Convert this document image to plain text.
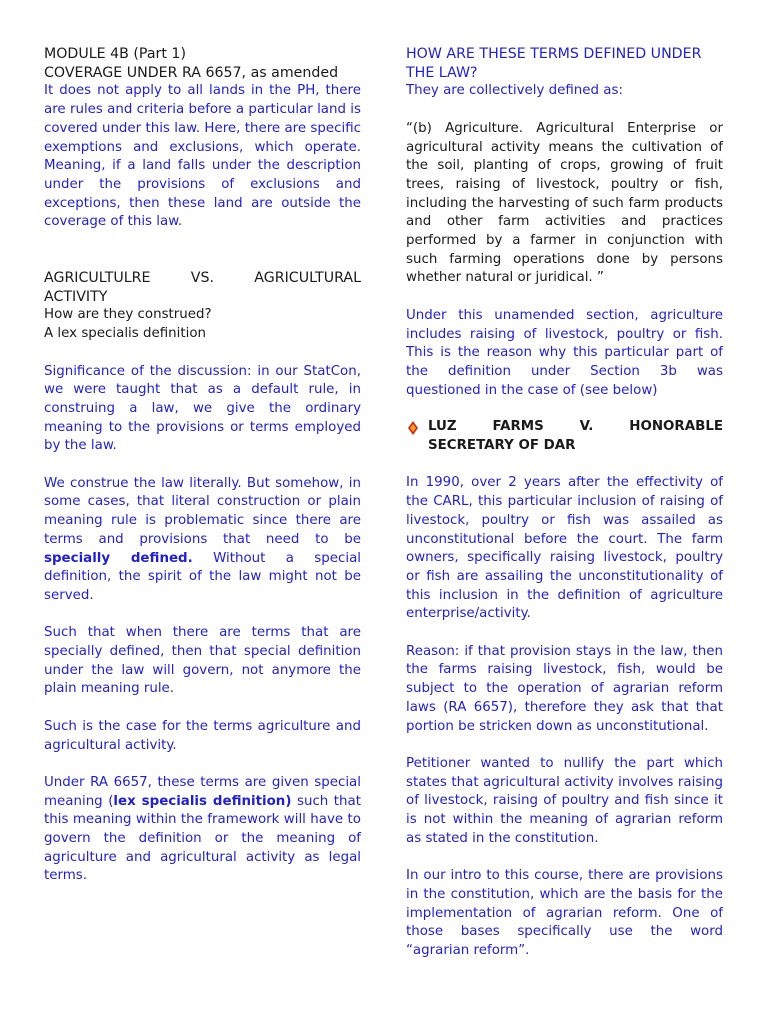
MODULE 4B (Part 1)

COVERAGE UNDER RA 6657, as amended

It does not apply to all lands in the PH, there are rules and criteria before a particular land is covered under this law. Here, there are specific exemptions and exclusions, which operate. Meaning, if a land falls under the description under the provisions of exclusions and exceptions, then these land are outside the coverage of this law.

AGRICULTULRE VS. AGRICULTURAL
ACTIVITY

How are they construed?

A lex specialis definition

Significance of the discussion: in our StatCon, we were taught that as a default rule, in construing a law, we give the ordinary meaning to the provisions or terms employed by the law.

We construe the law literally. But somehow, in some cases, that literal construction or plain meaning rule is problematic since there are terms and provisions that need to be specially defined. Without a special definition, the spirit of the law might not be served.

Such that when there are terms that are specially defined, then that special definition under the law will govern, not anymore the plain meaning rule.

Such is the case for the terms agriculture and agricultural activity.

Under RA 6657, these terms are given special meaning (lex specialis definition) such that this meaning within the framework will have to govern the definition or the meaning of agriculture and agricultural activity as legal terms.

HOW ARE THESE TERMS DEFINED UNDER THE LAW?

They are collectively defined as:

“(b) Agriculture. Agricultural Enterprise or agricultural activity means the cultivation of the soil, planting of crops, growing of fruit trees, raising of livestock, poultry or fish, including the harvesting of such farm products and other farm activities and practices performed by a farmer in conjunction with such farming operations done by persons whether natural or juridical. ”

Under this unamended section, agriculture includes raising of livestock, poultry or fish. This is the reason why this particular part of the definition under Section 3b was questioned in the case of (see below)

LUZ FARMS V. HONORABLE
SECRETARY OF DAR

In 1990, over 2 years after the effectivity of the CARL, this particular inclusion of raising of livestock, poultry or fish was assailed as unconstitutional before the court. The farm owners, specifically raising livestock, poultry or fish are assailing the unconstitutionality of this inclusion in the definition of agriculture enterprise/activity.

Reason: if that provision stays in the law, then the farms raising livestock, fish, would be subject to the operation of agrarian reform laws (RA 6657), therefore they ask that that portion be stricken down as unconstitutional.

Petitioner wanted to nullify the part which states that agricultural activity involves raising of livestock, raising of poultry and fish since it is not within the meaning of agrarian reform as stated in the constitution.

In our intro to this course, there are provisions in the constitution, which are the basis for the implementation of agrarian reform. One of those bases specifically use the word “agrarian reform”.
